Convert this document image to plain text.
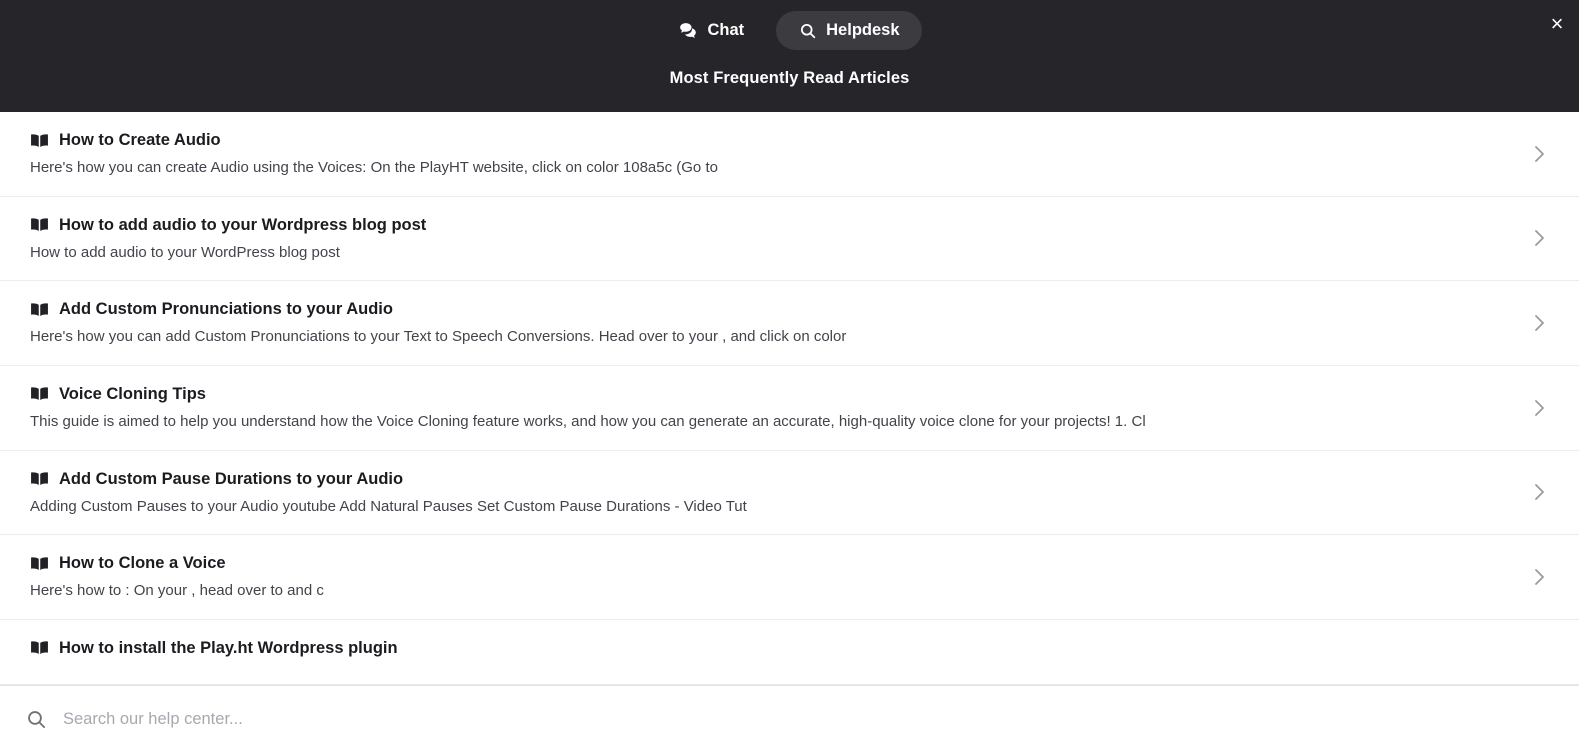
Chat	Helpdesk
Most Frequently Read Articles
×
How to Create Audio
Here's how you can create Audio using the Voices: On the PlayHT website, click on color 108a5c (Go to
How to add audio to your Wordpress blog post
How to add audio to your WordPress blog post
Add Custom Pronunciations to your Audio
Here's how you can add Custom Pronunciations to your Text to Speech Conversions. Head over to your , and click on color
Voice Cloning Tips
This guide is aimed to help you understand how the Voice Cloning feature works, and how you can generate an accurate, high-quality voice clone for your projects! 1. Cl
Add Custom Pause Durations to your Audio
Adding Custom Pauses to your Audio youtube Add Natural Pauses Set Custom Pause Durations - Video Tut
How to Clone a Voice
Here's how to : On your , head over to and c
How to install the Play.ht Wordpress plugin
Search our help center...
